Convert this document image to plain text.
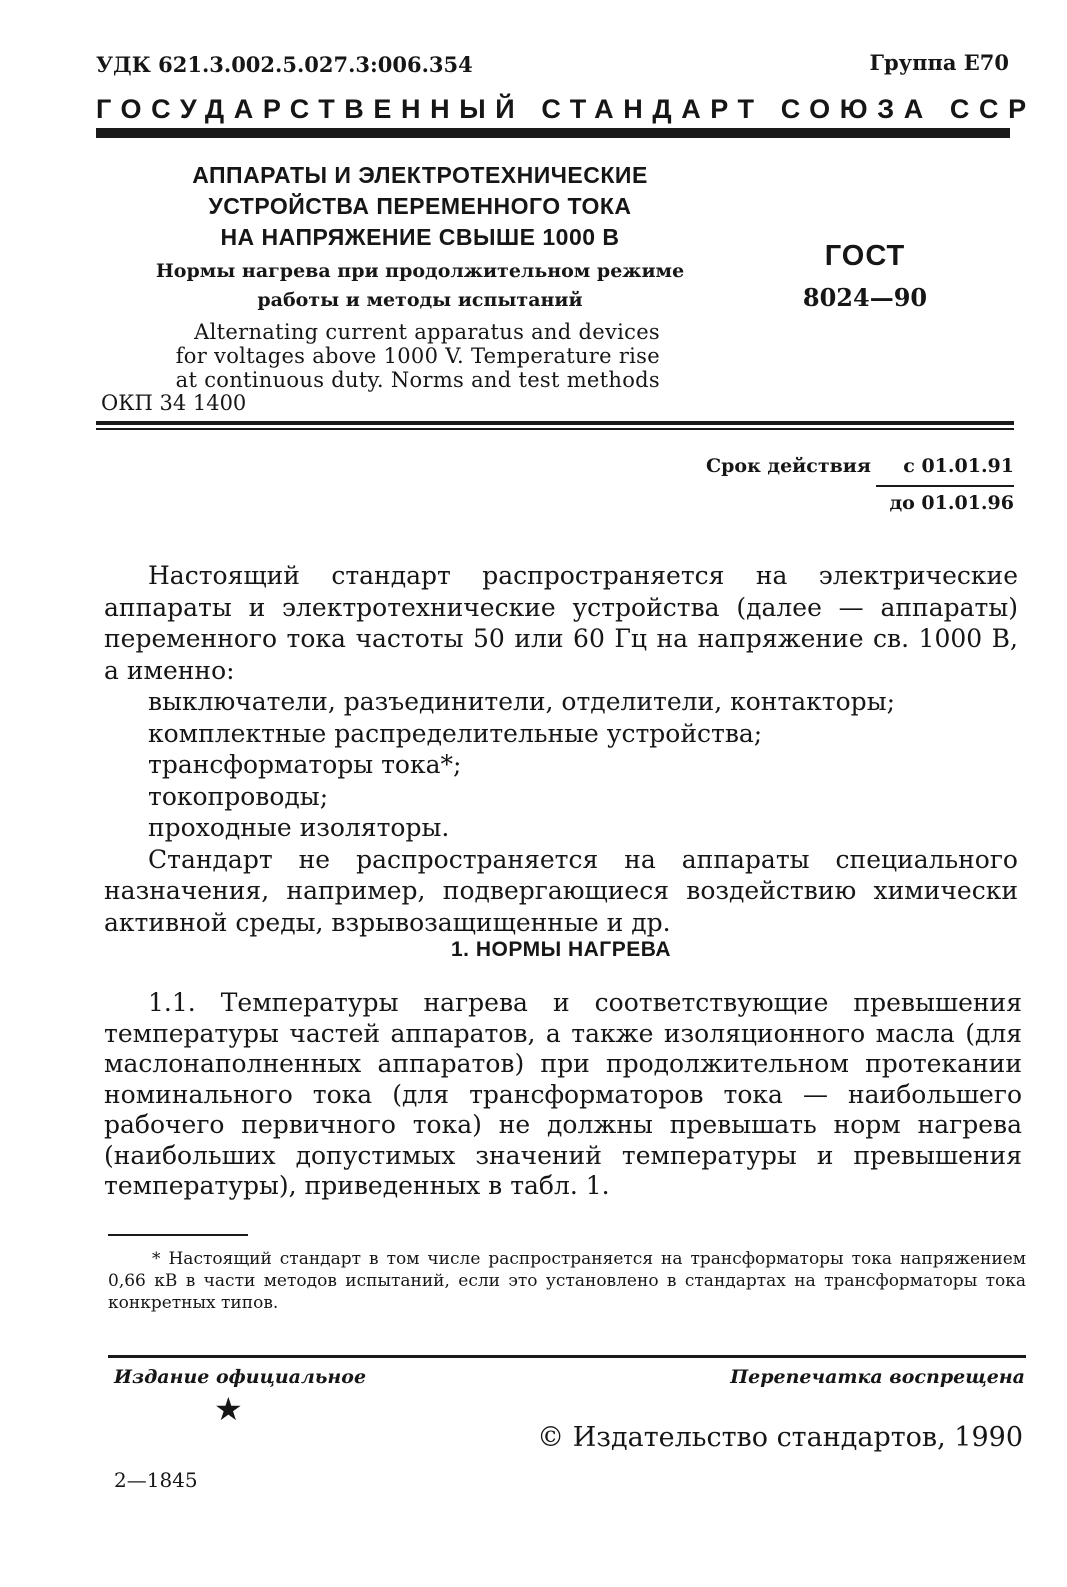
УДК 621.3.002.5.027.3:006.354	Группа Е70
ГОСУДАРСТВЕННЫЙ СТАНДАРТ СОЮЗА ССР
АППАРАТЫ И ЭЛЕКТРОТЕХНИЧЕСКИЕ
УСТРОЙСТВА ПЕРЕМЕННОГО ТОКА
НА НАПРЯЖЕНИЕ СВЫШЕ 1000 В
Нормы нагрева при продолжительном режиме
работы и методы испытаний
Alternating current apparatus and devices
for voltages above 1000 V. Temperature rise
at continuous duty. Norms and test methods
ОКП 34 1400
ГОСТ
8024—90
Срок действия	с 01.01.91
до 01.01.96

Настоящий стандарт распространяется на электрические аппараты и электротехнические устройства (далее — аппараты) переменного тока частоты 50 или 60 Гц на напряжение св. 1000 В, а именно:

выключатели, разъединители, отделители, контакторы;

комплектные распределительные устройства;

трансформаторы тока*;

токопроводы;

проходные изоляторы.

Стандарт не распространяется на аппараты специального назначения, например, подвергающиеся воздействию химически активной среды, взрывозащищенные и др.

1. НОРМЫ НАГРЕВА

1.1. Температуры нагрева и соответствующие превышения температуры частей аппаратов, а также изоляционного масла (для маслонаполненных аппаратов) при продолжительном протекании номинального тока (для трансформаторов тока — наибольшего рабочего первичного тока) не должны превышать норм нагрева (наибольших допустимых значений температуры и превышения температуры), приведенных в табл. 1.

* Настоящий стандарт в том числе распространяется на трансформаторы тока напряжением 0,66 кВ в части методов испытаний, если это установлено в стандартах на трансформаторы тока конкретных типов.

Издание официальное	Перепечатка воспрещена
★
© Издательство стандартов, 1990
2—1845
